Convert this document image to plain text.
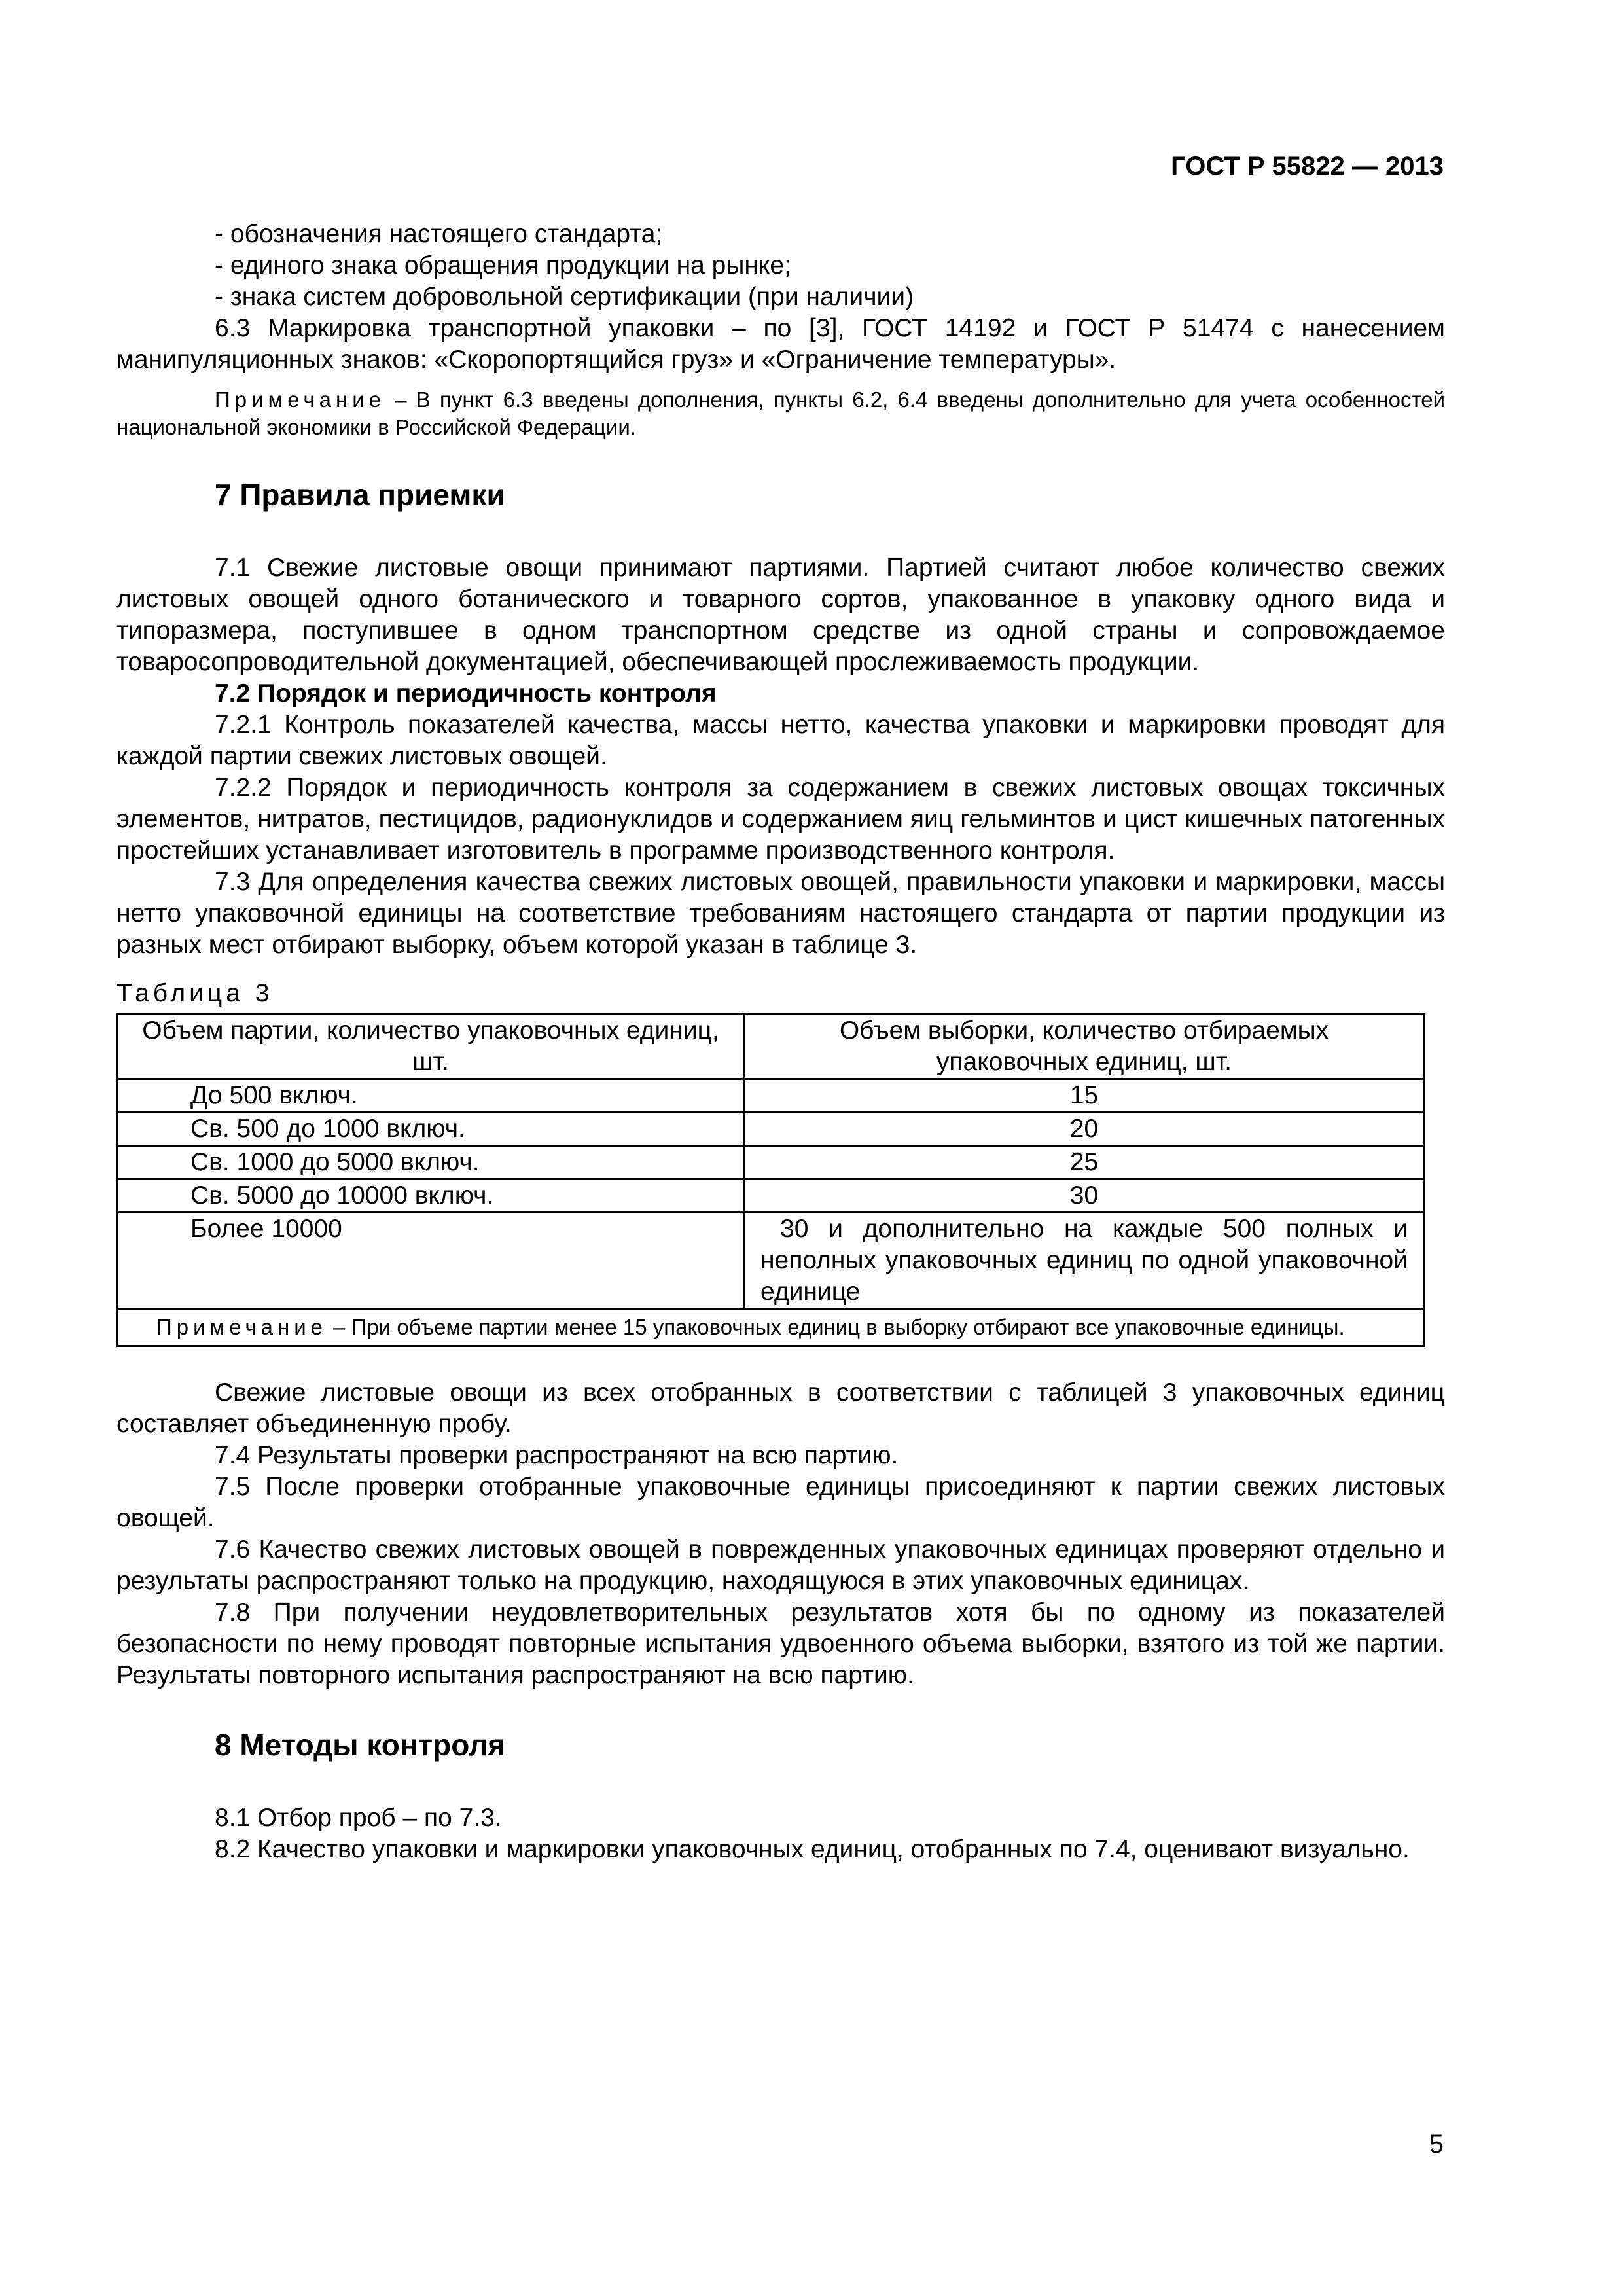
ГОСТ Р 55822 — 2013

- обозначения настоящего стандарта;

- единого знака обращения продукции на рынке;

- знака систем добровольной сертификации (при наличии)

6.3 Маркировка транспортной упаковки – по [3], ГОСТ 14192 и ГОСТ Р 51474 с нанесением манипуляционных знаков: «Скоропортящийся груз» и «Ограничение температуры».

Примечание – В пункт 6.3 введены дополнения, пункты 6.2, 6.4 введены дополнительно для учета особенностей национальной экономики в Российской Федерации.

7 Правила приемки

7.1 Свежие листовые овощи принимают партиями. Партией считают любое количество свежих листовых овощей одного ботанического и товарного сортов, упакованное в упаковку одного вида и типоразмера, поступившее в одном транспортном средстве из одной страны и сопровождаемое товаросопроводительной документацией, обеспечивающей прослеживаемость продукции.

7.2 Порядок и периодичность контроля

7.2.1 Контроль показателей качества, массы нетто, качества упаковки и маркировки проводят для каждой партии свежих листовых овощей.

7.2.2 Порядок и периодичность контроля за содержанием в свежих листовых овощах токсичных элементов, нитратов, пестицидов, радионуклидов и содержанием яиц гельминтов и цист кишечных патогенных простейших устанавливает изготовитель в программе производственного контроля.

7.3 Для определения качества свежих листовых овощей, правильности упаковки и маркировки, массы нетто упаковочной единицы на соответствие требованиям настоящего стандарта от партии продукции из разных мест отбирают выборку, объем которой указан в таблице 3.

Таблица 3

Объем партии, количество упаковочных единиц, шт.	Объем выборки, количество отбираемых упаковочных единиц, шт.
До 500 включ.	15
Св. 500 до 1000 включ.	20
Св. 1000 до 5000 включ.	25
Св. 5000 до 10000 включ.	30
Более 10000	30 и дополнительно на каждые 500 полных и неполных упаковочных единиц по одной упаковочной единице
Примечание – При объеме партии менее 15 упаковочных единиц в выборку отбирают все упаковочные единицы.	

Свежие листовые овощи из всех отобранных в соответствии с таблицей 3 упаковочных единиц составляет объединенную пробу.

7.4 Результаты проверки распространяют на всю партию.

7.5 После проверки отобранные упаковочные единицы присоединяют к партии свежих листовых овощей.

7.6 Качество свежих листовых овощей в поврежденных упаковочных единицах проверяют отдельно и результаты распространяют только на продукцию, находящуюся в этих упаковочных единицах.

7.8 При получении неудовлетворительных результатов хотя бы по одному из показателей безопасности по нему проводят повторные испытания удвоенного объема выборки, взятого из той же партии. Результаты повторного испытания распространяют на всю партию.

8 Методы контроля

8.1 Отбор проб – по 7.3.

8.2 Качество упаковки и маркировки упаковочных единиц, отобранных по 7.4, оценивают визуально.

5
